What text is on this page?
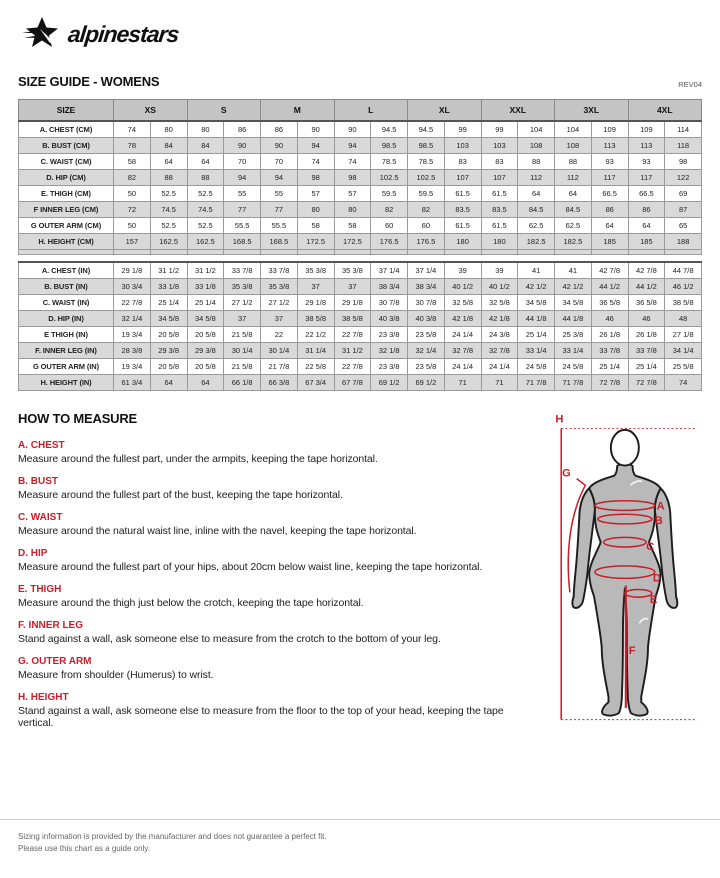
alpinestars
SIZE GUIDE - WOMENS	REV04
SIZE	XS		S		M		L		XL		XXL		3XL		4XL	
A. CHEST (CM)	74	80	80	86	86	90	90	94.5	94.5	99	99	104	104	109	109	114
B. BUST (CM)	78	84	84	90	90	94	94	98.5	98.5	103	103	108	108	113	113	118
C. WAIST (CM)	58	64	64	70	70	74	74	78.5	78.5	83	83	88	88	93	93	98
D. HIP (CM)	82	88	88	94	94	98	98	102.5	102.5	107	107	112	112	117	117	122
E. THIGH (CM)	50	52.5	52.5	55	55	57	57	59.5	59.5	61.5	61.5	64	64	66.5	66.5	69
F INNER LEG (CM)	72	74.5	74.5	77	77	80	80	82	82	83.5	83.5	84.5	84.5	86	86	87
G OUTER ARM (CM)	50	52.5	52.5	55.5	55.5	58	58	60	60	61.5	61.5	62.5	62.5	64	64	65
H. HEIGHT (CM)	157	162.5	162.5	168.5	168.5	172.5	172.5	176.5	176.5	180	180	182.5	182.5	185	185	188

A. CHEST (IN)	29 1/8	31 1/2	31 1/2	33 7/8	33 7/8	35 3/8	35 3/8	37 1/4	37 1/4	39	39	41	41	42 7/8	42 7/8	44 7/8
B. BUST (IN)	30 3/4	33 1/8	33 1/8	35 3/8	35 3/8	37	37	38 3/4	38 3/4	40 1/2	40 1/2	42 1/2	42 1/2	44 1/2	44 1/2	46 1/2
C. WAIST (IN)	22 7/8	25 1/4	25 1/4	27 1/2	27 1/2	29 1/8	29 1/8	30 7/8	30 7/8	32 5/8	32 5/8	34 5/8	34 5/8	36 5/8	36 5/8	38 5/8
D. HIP (IN)	32 1/4	34 5/8	34 5/8	37	37	38 5/8	38 5/8	40 3/8	40 3/8	42 1/8	42 1/8	44 1/8	44 1/8	46	46	48
E THIGH (IN)	19 3/4	20 5/8	20 5/8	21 5/8	22	22 1/2	22 7/8	23 3/8	23 5/8	24 1/4	24 3/8	25 1/4	25 3/8	26 1/8	26 1/8	27 1/8
F. INNER LEG (IN)	28 3/8	29 3/8	29 3/8	30 1/4	30 1/4	31 1/4	31 1/2	32 1/8	32 1/4	32 7/8	32 7/8	33 1/4	33 1/4	33 7/8	33 7/8	34 1/4
G OUTER ARM (IN)	19 3/4	20 5/8	20 5/8	21 5/8	21 7/8	22 5/8	22 7/8	23 3/8	23 5/8	24 1/4	24 1/4	24 5/8	24 5/8	25 1/4	25 1/4	25 5/8
H. HEIGHT (IN)	61 3/4	64	64	66 1/8	66 3/8	67 3/4	67 7/8	69 1/2	69 1/2	71	71	71 7/8	71 7/8	72 7/8	72 7/8	74
HOW TO MEASURE
A. CHEST
Measure around the fullest part, under the armpits, keeping the tape horizontal.
B. BUST
Measure around the fullest part of the bust, keeping the tape horizontal.
C. WAIST
Measure around the natural waist line, inline with the navel, keeping the tape horizontal.
D. HIP
Measure around the fullest part of your hips, about 20cm below waist line, keeping the tape horizontal.
E. THIGH
Measure around the thigh just below the crotch, keeping the tape horizontal.
F. INNER LEG
Stand against a wall, ask someone else to measure from the crotch to the bottom of your leg.
G. OUTER ARM
Measure from shoulder (Humerus) to wrist.
H. HEIGHT
Stand against a wall, ask someone else to measure from the floor to the top of your head, keeping the tape vertical.
H
G
A
B
C
D
E
F
Sizing information is provided by the manufacturer and does not guarantee a perfect fit.
Please use this chart as a guide only.
